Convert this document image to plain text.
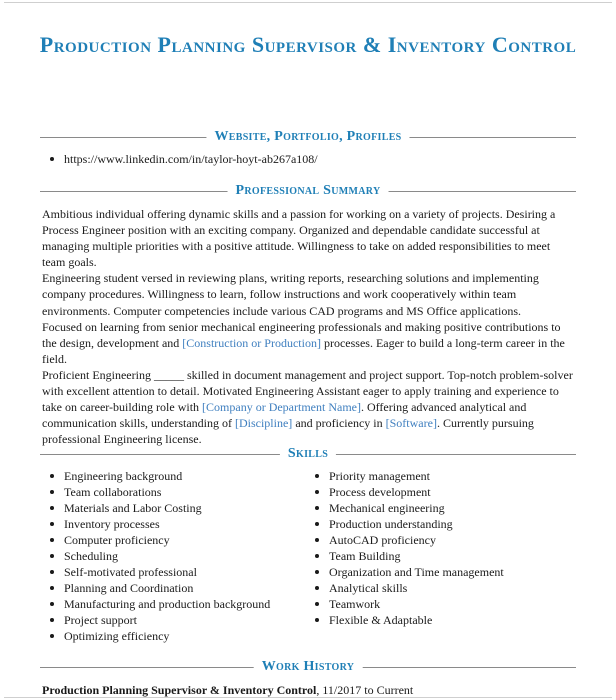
Production Planning Supervisor & Inventory Control
Website, Portfolio, Profiles
https://www.linkedin.com/in/taylor-hoyt-ab267a108/
Professional Summary

Ambitious individual offering dynamic skills and a passion for working on a variety of projects. Desiring a Process Engineer position with an exciting company. Organized and dependable candidate successful at managing multiple priorities with a positive attitude. Willingness to take on added responsibilities to meet team goals.

Engineering student versed in reviewing plans, writing reports, researching solutions and implementing company procedures. Willingness to learn, follow instructions and work cooperatively within team environments. Computer competencies include various CAD programs and MS Office applications.

Focused on learning from senior mechanical engineering professionals and making positive contributions to the design, development and [Construction or Production] processes. Eager to build a long-term career in the field.

Proficient Engineering _____ skilled in document management and project support. Top-notch problem-solver with excellent attention to detail. Motivated Engineering Assistant eager to apply training and experience to take on career-building role with [Company or Department Name]. Offering advanced analytical and communication skills, understanding of [Discipline] and proficiency in [Software]. Currently pursuing professional Engineering license.

Skills
Engineering background
Team collaborations
Materials and Labor Costing
Inventory processes
Computer proficiency
Scheduling
Self-motivated professional
Planning and Coordination
Manufacturing and production background
Project support
Optimizing efficiency
Priority management
Process development
Mechanical engineering
Production understanding
AutoCAD proficiency
Team Building
Organization and Time management
Analytical skills
Teamwork
Flexible & Adaptable
Work History
Production Planning Supervisor & Inventory Control, 11/2017 to Current
